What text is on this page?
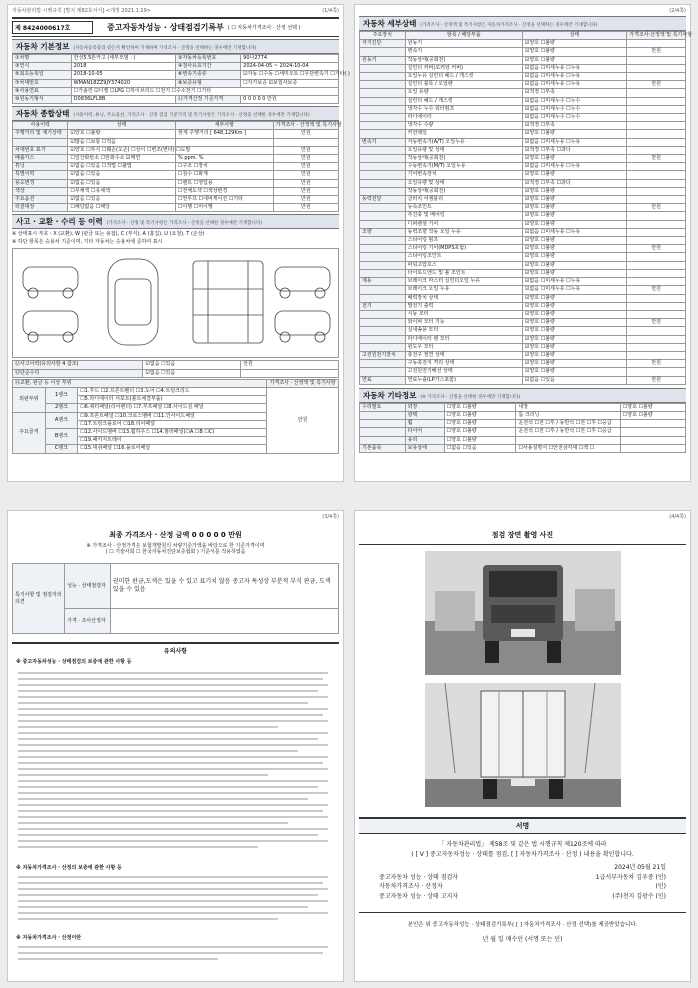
자동차관리법 시행규칙 [별지 제82호서식] <개정 2021.1.19>	(1/4쪽)
제 8424000617호	중고자동차성능 · 상태점검기록부 ( ☐ 자동차가격조사 · 산정 선택 )
자동차 기본정보 (자동차등록증과 같은지 확인하여 기재하며 가격조사 · 산정을 선택하는 경우에만 기재합니다)
①차명	한성5.5톤카고 (세부모델 : )	②자동차등록번호	90나2774
③연식	2018	④검사유효기간	2024-04-05 ~ 2024-10-04
⑤최초등록일	2018-10-05	⑥변속기종류	☑자동 ☐수동 ☐세미오토 ☐무단변속기 ☐기타( )
⑦차대번호	WMAN18ZZ9JY374020	⑧보증유형	☐자가보증 ☑보험사보증
⑨사용연료	☐가솔린 ☑디젤 ☐LPG ☐하이브리드 ☐전기 ☐수소전기 ☐기타		
⑩원동기형식	D0836LFL8B	⑪가격산정 기준가격	0 0 0 0 0 만원
자동차 종합상태 (사용이력, 튜닝, 주요옵션, 가격조사 · 산정 점검 기준가격 및 특기사항은 가격조사 · 산정을 선택한 경우에만 기재합니다)
사용이력	상태	세부사항	가격조사 · 산정액 및 특기사항
주행거리 및 계기상태	☑양호 ☐불량	현재 주행거리 [ 648,129Km ]	만원
	☑많음 ☐보통 ☐적음		
차대번호 표기	☑양호 ☐부식 ☐훼손(오손) ☐상이 ☐변조(변타) ☐도말		만원
배출가스	☐일산화탄소 ☐탄화수소 ☑매연	% ppm. %	만원
튜닝	☑없음 ☐있음 ☐적법 ☐불법	☐구조 ☐장치	만원
특별이력	☑없음 ☐있음	☐침수 ☐화재	만원
용도변경	☑없음 ☐있음	☐렌트 ☐영업용	만원
색상	☐무채색 ☐유채색	☐전체도색 ☐색상변경	만원
주요옵션	☑없음 ☐있음	☐썬루프 ☐네비게이션 ☐기타	만원
리콜대상	☐해당없음 ☐해당	☐이행 ☐미이행	만원
사고 · 교환 · 수리 등 이력 (가격조사 · 산정 및 특기사항은 가격조사 · 산정을 선택한 경우에만 기재합니다)
※ 상태표시 부호 : X (교환), W (판금 또는 용접), C (부식), A (흠집), U (요철), T (손상)
※ 하단 항목은 승용차 기준이며, 기타 자동차는 승용차에 준하여 표시
⑫사고이력(유의사항 4 참조)	☑없음 ☐있음	만원
⑬단순수리	☑없음 ☐있음	
⑭교환, 판금 등 이상 부위			가격조사 · 산정액 및 특기사항
외판부위	1랭크	☐1.후드 ☐2.프론트휀더 ☐3.도어 ☐4.트렁크리드	만원
		☐5.라디에이터 서포트(볼트체결부품)	
	2랭크	☐6.쿼터패널(리어펜더) ☐7.루프패널 ☐8.사이드실 패널	
주요골격	A랭크	☐9.프론트패널 ☐10.크로스멤버 ☐11.인사이드패널	
		☐17.트렁크플로어 ☐18.리어패널	
	B랭크	☐12.사이드멤버 ☐13.휠하우스 ☐14.필러패널(☐A ☐B ☐C)	
		☐19.패키지트레이	
	C랭크	☐15.대쉬패널 ☐16.플로어패널	
(2/4쪽)
자동차 세부상태 (가격조사 · 산정액 및 특기사항은 자동차가격조사 · 산정을 선택하는 경우에만 기재합니다)
주요장치	항목 / 해당부품	상태	가격조사·산정액 및 특기사항
자기진단	원동기	☑양호 ☐불량	
	변속기	☑양호 ☐불량	만원
원동기	작동상태(공회전)	☑양호 ☐불량	
	실린더 커버(로커암 커버)	☑없음 ☐미세누유 ☐누유	
	오일누유 실린더 헤드 / 개스킷	☑없음 ☐미세누유 ☐누유	
	실린더 블록 / 오일팬	☑없음 ☐미세누유 ☐누유	만원
	오일 유량	☑적정 ☐부족	
	실린더 헤드 / 개스킷	☑없음 ☐미세누수 ☐누수	
	냉각수 누수 워터펌프	☑없음 ☐미세누수 ☐누수	
	라디에이터	☑없음 ☐미세누수 ☐누수	
	냉각수 수량	☑적정 ☐부족	
	커먼레일	☑양호 ☐불량	
변속기	자동변속기(A/T) 오일누유	☑없음 ☐미세누유 ☐누유	
	오일유량 및 상태	☑적정 ☐부족 ☐과다	
	작동상태(공회전)	☑양호 ☐불량	만원
	수동변속기(M/T) 오일누유	☑없음 ☐미세누유 ☐누유	
	기어변속장치	☑양호 ☐불량	
	오일유량 및 상태	☑적정 ☐부족 ☐과다	
	작동상태(공회전)	☑양호 ☐불량	
동력전달	클러치 어셈블리	☑양호 ☐불량	
	등속조인트	☑양호 ☐불량	만원
	추진축 및 베어링	☑양호 ☐불량	
	디퍼렌셜 기어	☑양호 ☐불량	
조향	동력조향 작동 오일 누유	☑없음 ☐미세누유 ☐누유	
	스티어링 펌프	☑양호 ☐불량	
	스티어링 기어(MDPS포함)	☑양호 ☐불량	만원
	스티어링조인트	☑양호 ☐불량	
	파워고압호스	☑양호 ☐불량	
	타이로드엔드 및 볼 조인트	☑양호 ☐불량	
제동	브레이크 마스터 실린더오일 누유	☑없음 ☐미세누유 ☐누유	
	브레이크 오일 누유	☑없음 ☐미세누유 ☐누유	만원
	배력장치 상태	☑양호 ☐불량	
전기	발전기 출력	☑양호 ☐불량	
	시동 모터	☑양호 ☐불량	
	와이퍼 모터 기능	☑양호 ☐불량	만원
	실내송풍 모터	☑양호 ☐불량	
	라디에이터 팬 모터	☑양호 ☐불량	
	윈도우 모터	☑양호 ☐불량	
고전원전기장치	충전구 절연 상태	☑양호 ☐불량	
	구동축전지 격리 상태	☑양호 ☐불량	만원
	고전원전기배선 상태	☑양호 ☐불량	
연료	연료누출(LP가스포함)	☑없음 ☐있음	만원
자동차 기타정보 (※ 가격조사 · 산정을 선택한 경우에만 기재합니다)
수리필요	외장	☐양호 ☐불량	내장	☐양호 ☐불량
	광택	☐양호 ☐불량	룸 크리닝	☐양호 ☐불량
	휠	☐양호 ☐불량	운전석 ☐전 ☐후 / 동반석 ☐전 ☐후 ☐응급	
	타이어	☐양호 ☐불량	운전석 ☐전 ☐후 / 동반석 ☐전 ☐후 ☐응급	
	유리	☐양호 ☐불량		
기본품목	보유상태	☐없음 ☐있음	☐사용설명서 ☐안전삼각대 ☐잭 ☐	
(3/4쪽)
최종 가격조사 · 산정 금액 0 0 0 0 0 만원
※ 가격조사 · 산정가격은 보험개발원의 차량기준가액을 바탕으로 한 기준가격이며
( ☐ 기술사회 ☐ 한국자동차진단보증협회 ) 기준서를 적용하였음
특기사항 및 점검자의 의견	성능 · 상태점검자	권미한 판금,도색은 있을 수 있고 표기치 않음 중고자 특성상 부분적 부식 판금, 도색 있을 수 있음
	가격 · 조사산정자	
유의사항
※ 중고자동차성능 · 상태점검의 보증에 관한 사항 등
※ 자동차가격조사 · 산정의 보증에 관한 사항 등
※ 자동차가격조사 · 산정이란
(4/4쪽)
점검 장면 촬영 사진
서명
「 자동차관리법」 제58조 및 같은 법 시행규칙 제120조에 따라
( [ V ] 중고자동차성능 · 상태를 점검, [ ] 자동차가격조사 · 산정 ) 내용을 확인합니다.
2024년 05월 21일
중고자동차 성능 · 상태 점검자	1급서부자동차 김우중 (인)
자동차가격조사 · 산정자	(인)
중고자동차 성능 · 상태 고지자	(주)천지 김광수 (인)
본인은 위 중고자동차성능 · 상태점검기록부( [ ] 자동차가격조사 · 산정 선택)를 제공받았습니다.
년 월 일 매수인 (서명 또는 인)
